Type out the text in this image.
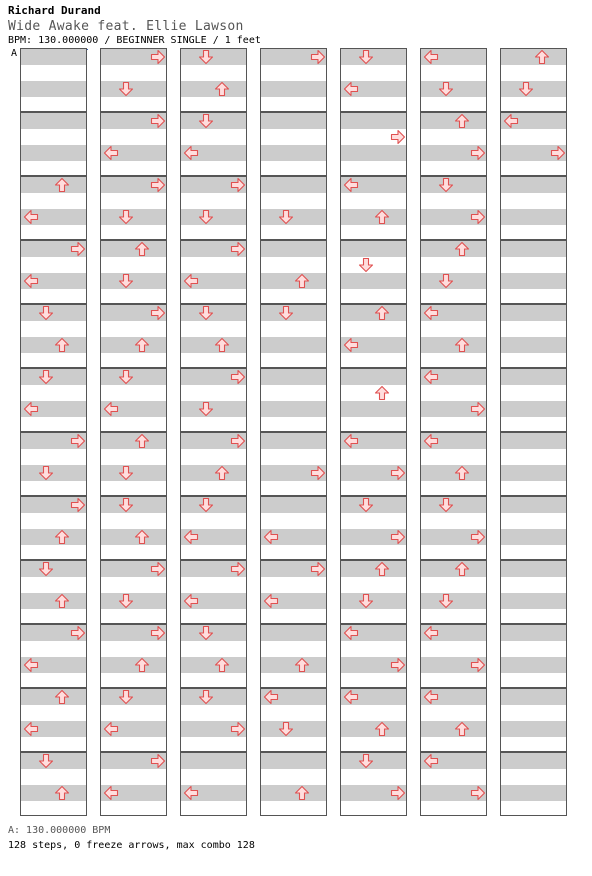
Richard Durand
Wide Awake feat. Ellie Lawson
BPM: 130.000000 / BEGINNER SINGLE / 1 feet
A
A: 130.000000 BPM
128 steps, 0 freeze arrows, max combo 128
